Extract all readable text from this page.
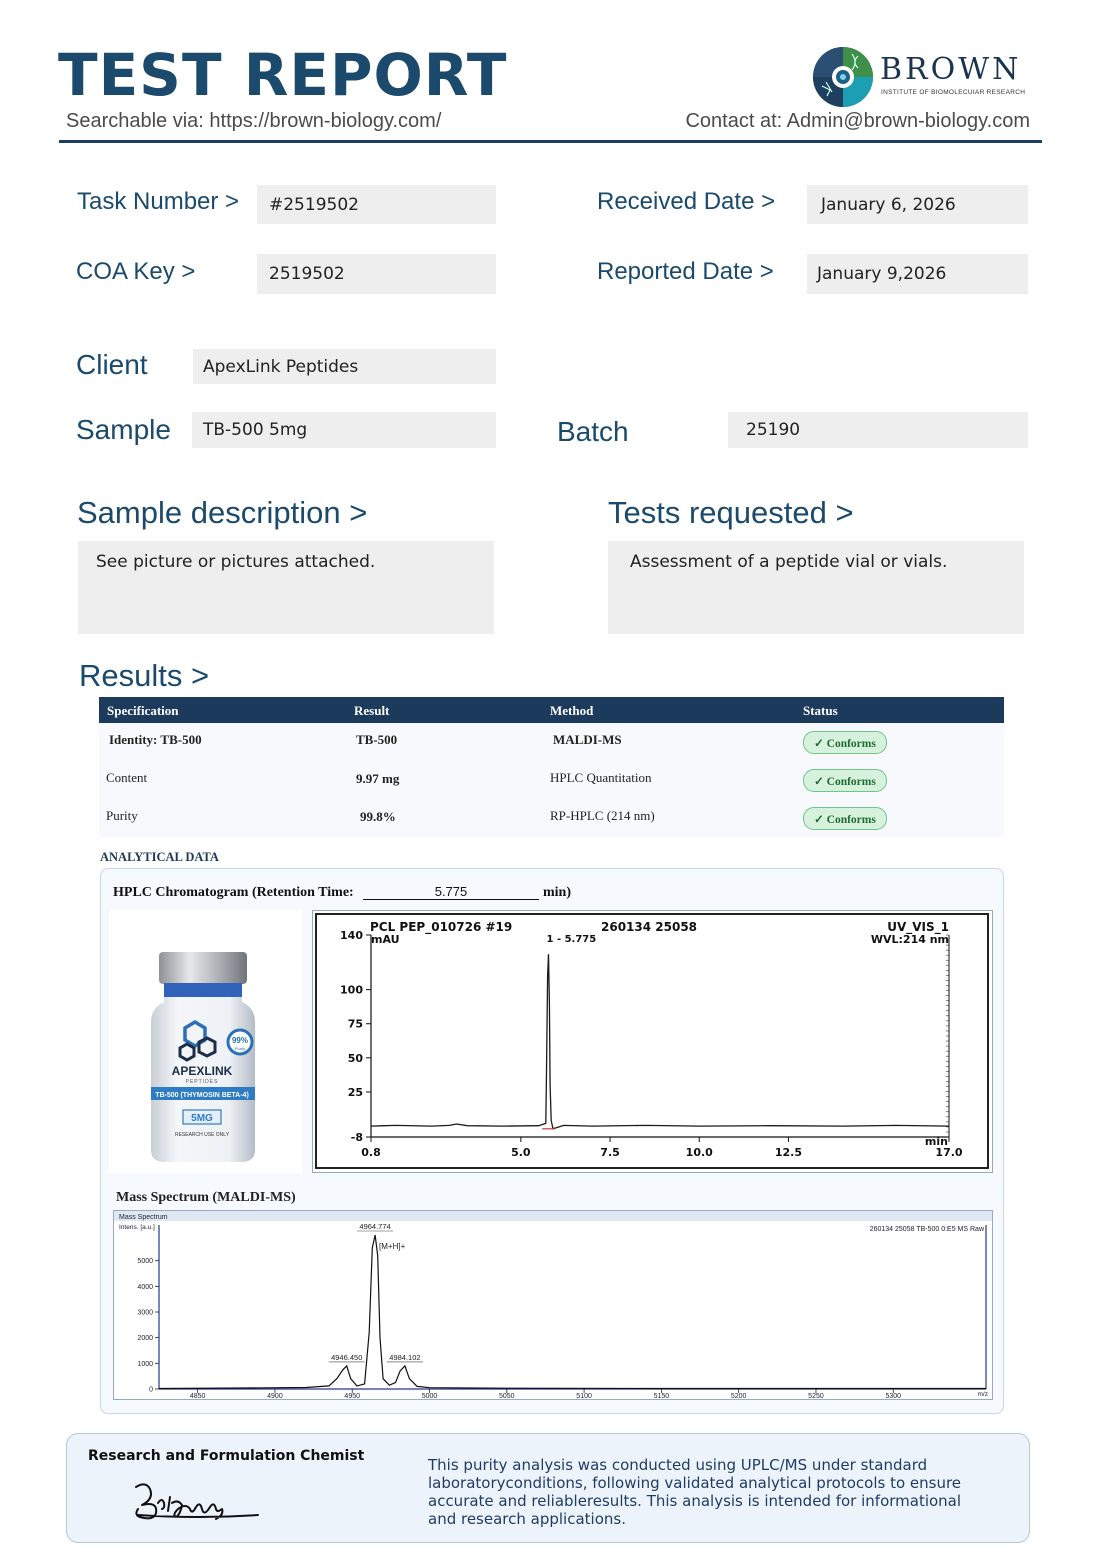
TEST REPORT
Searchable via: https://brown-biology.com/	Contact at: Admin@brown-biology.com
BROWN
INSTITUTE OF BIOMOLECUIAR RESEARCH
Task Number >	#2519502	Received Date >	January 6, 2026
COA Key >	2519502	Reported Date >	January 9,2026
Client	ApexLink Peptides
Sample	TB-500 5mg	Batch	25190
Sample description >
See picture or pictures attached.
Tests requested >
Assessment of a peptide vial or vials.
Results >
Specification	Result	Method	Status
Identity: TB-500	TB-500	MALDI-MS	✓ Conforms
Content	9.97 mg	HPLC Quantitation	✓ Conforms
Purity	99.8%	RP-HPLC (214 nm)	✓ Conforms
ANALYTICAL DATA
HPLC Chromatogram (Retention Time:	5.775	min)
99%
Purity
APEXLINK
PEPTIDES
TB-500 (THYMOSIN BETA-4)
5MG
RESEARCH USE ONLY
PCL PEP_010726 #19	260134 25058	UV_VIS_1
mAU	WVL:214 nm
min
140
100
75
50
25
-8
0.8	5.0	7.5	10.0	12.5	17.0
1 - 5.775
Mass Spectrum (MALDI-MS)
Mass Spectrum
260134 25058 TB-500 0:E5 MS Raw
Intens. [a.u.]
m/z
0
1000
2000
3000
4000
5000
4850	4900	4950	5000	5050	5100	5150	5200	5250	5300
4964.774
4946.450	4984.102
[M+H]+
Research and Formulation Chemist	This purity analysis was conducted using UPLC/MS under standard laboratoryconditions, following validated analytical protocols to ensure accurate and reliableresults. This analysis is intended for informational and research applications.
